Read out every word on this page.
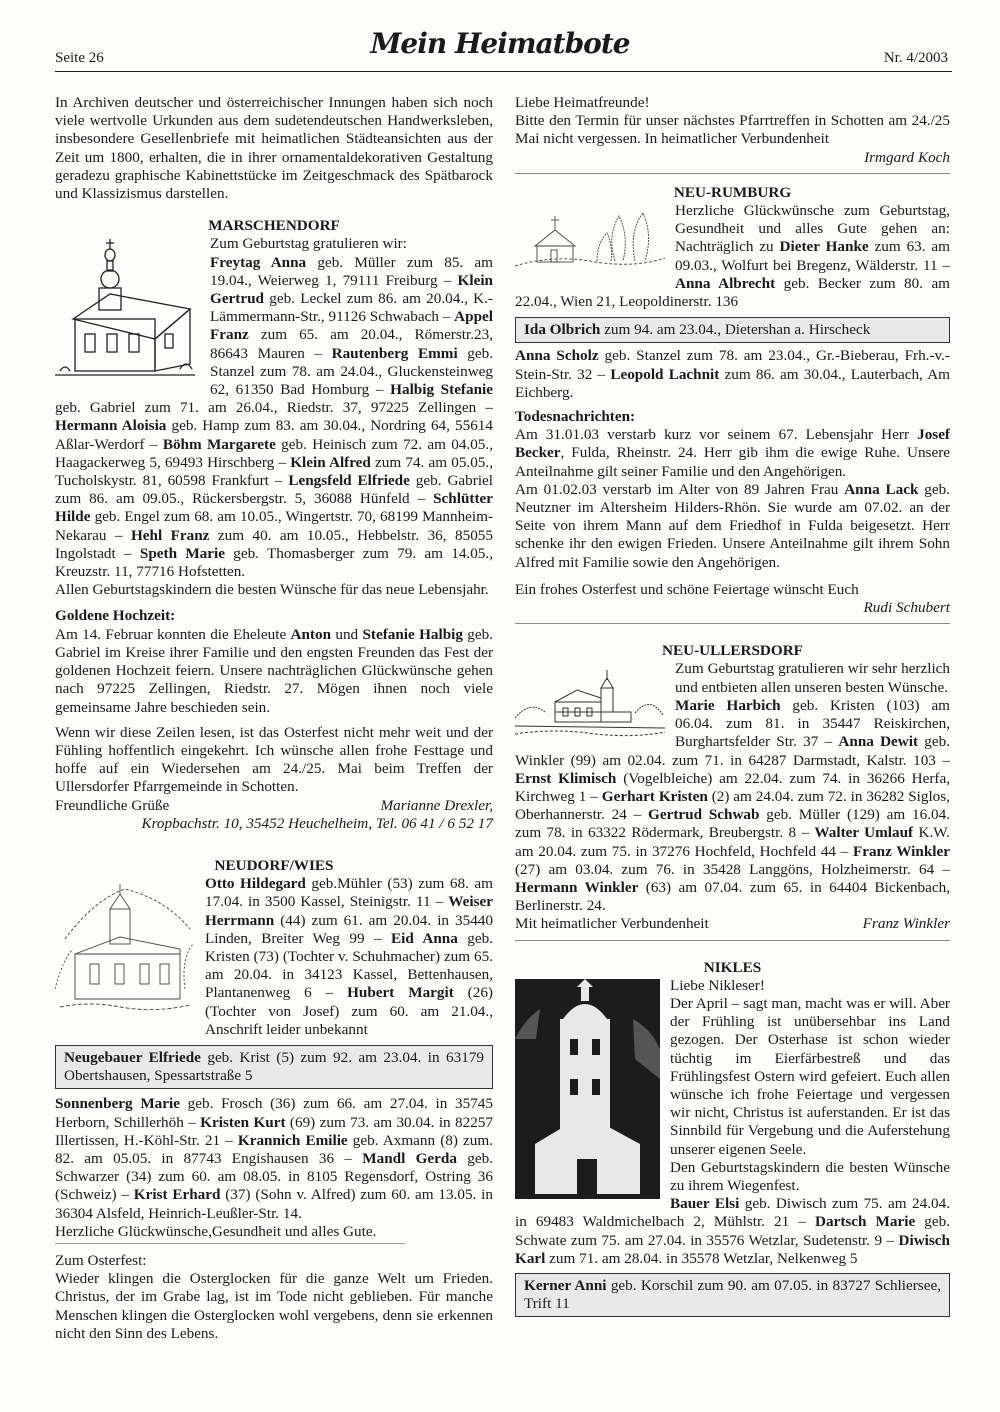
Seite 26	Mein Heimatbote	Nr. 4/2003

In Archiven deutscher und österreichischer Innungen haben sich noch viele wertvolle Urkunden aus dem sudetendeutschen Handwerksleben, insbesondere Gesellenbriefe mit heimatlichen Städteansichten aus der Zeit um 1800, erhalten, die in ihrer ornamentaldekorativen Gestaltung geradezu graphische Kabinettstücke im Zeitgeschmack des Spätbarock und Klassizismus darstellen.

MARSCHENDORF

Zum Geburtstag gratulieren wir:

Freytag Anna geb. Müller zum 85. am 19.04., Weierweg 1, 79111 Freiburg – Klein Gertrud geb. Leckel zum 86. am 20.04., K.-Lämmermann-Str., 91126 Schwabach – Appel Franz zum 65. am 20.04., Römerstr.23, 86643 Mauren – Rautenberg Emmi geb. Stanzel zum 78. am 24.04., Gluckensteinweg 62, 61350 Bad Homburg – Halbig Stefanie geb. Gabriel zum 71. am 26.04., Riedstr. 37, 97225 Zellingen – Hermann Aloisia geb. Hamp zum 83. am 30.04., Nordring 64, 55614 Aßlar-Werdorf – Böhm Margarete geb. Heinisch zum 72. am 04.05., Haagackerweg 5, 69493 Hirschberg – Klein Alfred zum 74. am 05.05., Tucholskystr. 81, 60598 Frankfurt – Lengsfeld Elfriede geb. Gabriel zum 86. am 09.05., Rückersbergstr. 5, 36088 Hünfeld – Schlütter Hilde geb. Engel zum 68. am 10.05., Wingertstr. 70, 68199 Mannheim-Nekarau – Hehl Franz zum 40. am 10.05., Hebbelstr. 36, 85055 Ingolstadt – Speth Marie geb. Thomasberger zum 79. am 14.05., Kreuzstr. 11, 77716 Hofstetten.

Allen Geburtstagskindern die besten Wünsche für das neue Lebensjahr.

Goldene Hochzeit:

Am 14. Februar konnten die Eheleute Anton und Stefanie Halbig geb. Gabriel im Kreise ihrer Familie und den engsten Freunden das Fest der goldenen Hochzeit feiern. Unsere nachträglichen Glückwünsche gehen nach 97225 Zellingen, Riedstr. 27. Mögen ihnen noch viele gemeinsame Jahre beschieden sein.

Wenn wir diese Zeilen lesen, ist das Osterfest nicht mehr weit und der Fühling hoffentlich eingekehrt. Ich wünsche allen frohe Festtage und hoffe auf ein Wiedersehen am 24./25. Mai beim Treffen der Ullersdorfer Pfarrgemeinde in Schotten.

Freundliche Grüße	Marianne Drexler,

Kropbachstr. 10, 35452 Heuchelheim, Tel. 06 41 / 6 52 17

NEUDORF/WIES

Otto Hildegard geb.Mühler (53) zum 68. am 17.04. in 3500 Kassel, Steinigstr. 11 – Weiser Herrmann (44) zum 61. am 20.04. in 35440 Linden, Breiter Weg 99 – Eid Anna geb. Kristen (73) (Tochter v. Schuhmacher) zum 65. am 20.04. in 34123 Kassel, Bettenhausen, Plantanenweg 6 – Hubert Margit (26) (Tochter von Josef) zum 60. am 21.04., Anschrift leider unbekannt

Neugebauer Elfriede geb. Krist (5) zum 92. am 23.04. in 63179 Obertshausen, Spessartstraße 5

Sonnenberg Marie geb. Frosch (36) zum 66. am 27.04. in 35745 Herborn, Schillerhöh – Kristen Kurt (69) zum 73. am 30.04. in 82257 Illertissen, H.-Köhl-Str. 21 – Krannich Emilie geb. Axmann (8) zum. 82. am 05.05. in 87743 Engishausen 36 – Mandl Gerda geb. Schwarzer (34) zum 60. am 08.05. in 8105 Regensdorf, Ostring 36 (Schweiz) – Krist Erhard (37) (Sohn v. Alfred) zum 60. am 13.05. in 36304 Alsfeld, Heinrich-Leußler-Str. 14.

Herzliche Glückwünsche,Gesundheit und alles Gute.

Zum Osterfest:

Wieder klingen die Osterglocken für die ganze Welt um Frieden. Christus, der im Grabe lag, ist im Tode nicht geblieben. Für manche Menschen klingen die Osterglocken wohl vergebens, denn sie erkennen nicht den Sinn des Lebens.

Liebe Heimatfreunde!

Bitte den Termin für unser nächstes Pfarrtreffen in Schotten am 24./25 Mai nicht vergessen. In heimatlicher Verbundenheit

Irmgard Koch

NEU-RUMBURG

Herzliche Glückwünsche zum Geburtstag, Gesundheit und alles Gute gehen an: Nachträglich zu Dieter Hanke zum 63. am 09.03., Wolfurt bei Bregenz, Wälderstr. 11 – Anna Albrecht geb. Becker zum 80. am 22.04., Wien 21, Leopoldinerstr. 136

Ida Olbrich zum 94. am 23.04., Dietershan a. Hirscheck

Anna Scholz geb. Stanzel zum 78. am 23.04., Gr.-Bieberau, Frh.-v.-Stein-Str. 32 – Leopold Lachnit zum 86. am 30.04., Lauterbach, Am Eichberg.

Todesnachrichten:

Am 31.01.03 verstarb kurz vor seinem 67. Lebensjahr Herr Josef Becker, Fulda, Rheinstr. 24. Herr gib ihm die ewige Ruhe. Unsere Anteilnahme gilt seiner Familie und den Angehörigen.

Am 01.02.03 verstarb im Alter von 89 Jahren Frau Anna Lack geb. Neutzner im Altersheim Hilders-Rhön. Sie wurde am 07.02. an der Seite von ihrem Mann auf dem Friedhof in Fulda beigesetzt. Herr schenke ihr den ewigen Frieden. Unsere Anteilnahme gilt ihrem Sohn Alfred mit Familie sowie den Angehörigen.

Ein frohes Osterfest und schöne Feiertage wünscht Euch

Rudi Schubert

NEU-ULLERSDORF

Zum Geburtstag gratulieren wir sehr herzlich und entbieten allen unseren besten Wünsche.

Marie Harbich geb. Kristen (103) am 06.04. zum 81. in 35447 Reiskirchen, Burghartsfelder Str. 37 – Anna Dewit geb. Winkler (99) am 02.04. zum 71. in 64287 Darmstadt, Kalstr. 103 – Ernst Klimisch (Vogelbleiche) am 22.04. zum 74. in 36266 Herfa, Kirchweg 1 – Gerhart Kristen (2) am 24.04. zum 72. in 36282 Siglos, Oberhannerstr. 24 – Gertrud Schwab geb. Müller (129) am 16.04. zum 78. in 63322 Rödermark, Breubergstr. 8 – Walter Umlauf K.W. am 20.04. zum 75. in 37276 Hochfeld, Hochfeld 44 – Franz Winkler (27) am 03.04. zum 76. in 35428 Langgöns, Holzheimerstr. 64 – Hermann Winkler (63) am 07.04. zum 65. in 64404 Bickenbach, Berlinerstr. 24.

Mit heimatlicher Verbundenheit	Franz Winkler

NIKLES

Liebe Nikleser!

Der April – sagt man, macht was er will. Aber der Frühling ist unübersehbar ins Land gezogen. Der Osterhase ist schon wieder tüchtig im Eierfärbestreß und das Frühlingsfest Ostern wird gefeiert. Euch allen wünsche ich frohe Feiertage und vergessen wir nicht, Christus ist auferstanden. Er ist das Sinnbild für Vergebung und die Auferstehung unserer eigenen Seele.

Den Geburtstagskindern die besten Wünsche zu ihrem Wiegenfest.

Bauer Elsi geb. Diwisch zum 75. am 24.04. in 69483 Waldmichelbach 2, Mühlstr. 21 – Dartsch Marie geb. Schwate zum 75. am 27.04. in 35576 Wetzlar, Sudetenstr. 9 – Diwisch Karl zum 71. am 28.04. in 35578 Wetzlar, Nelkenweg 5

Kerner Anni geb. Korschil zum 90. am 07.05. in 83727 Schliersee, Trift 11
